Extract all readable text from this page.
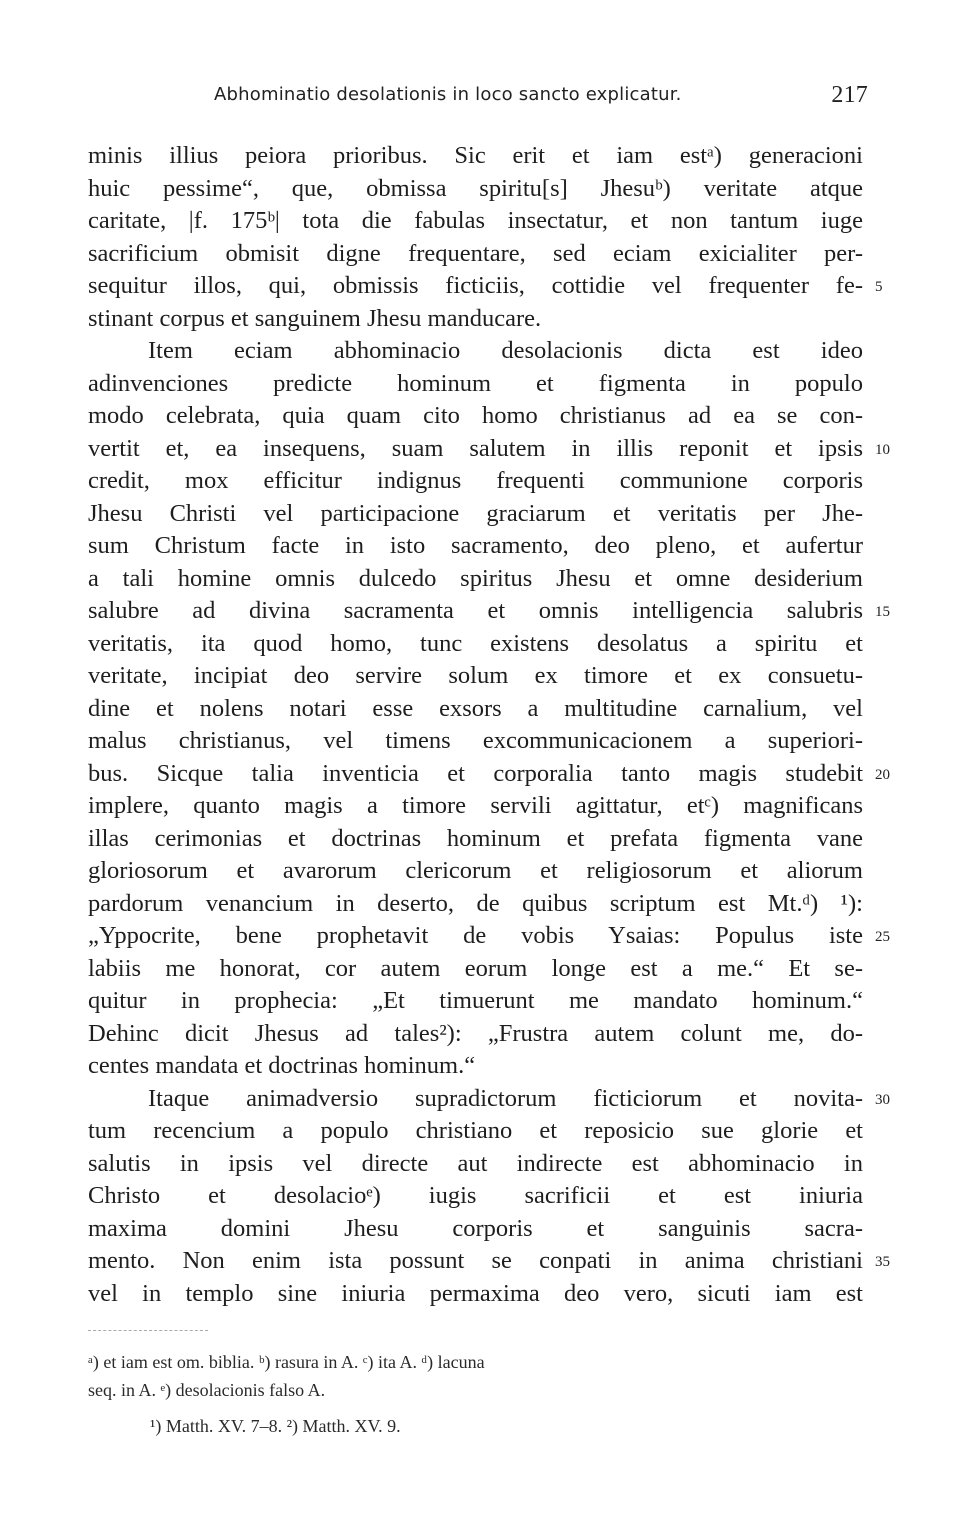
Abhominatio desolationis in loco sancto explicatur.	217
minis illius peiora prioribus. Sic erit et iam estᵃ) generacioni
huic pessime“, que, obmissa spiritu[s] Jhesuᵇ) veritate atque
caritate, |f. 175ᵇ| tota die fabulas insectatur, et non tantum iuge
sacrificium obmisit digne frequentare, sed eciam exicialiter per-
sequitur illos, qui, obmissis ficticiis, cottidie vel frequenter fe-
stinant corpus et sanguinem Jhesu manducare.
Item eciam abhominacio desolacionis dicta est ideo
adinvenciones predicte hominum et figmenta in populo
modo celebrata, quia quam cito homo christianus ad ea se con-
vertit et, ea insequens, suam salutem in illis reponit et ipsis
credit, mox efficitur indignus frequenti communione corporis
Jhesu Christi vel participacione graciarum et veritatis per Jhe-
sum Christum facte in isto sacramento, deo pleno, et aufertur
a tali homine omnis dulcedo spiritus Jhesu et omne desiderium
salubre ad divina sacramenta et omnis intelligencia salubris
veritatis, ita quod homo, tunc existens desolatus a spiritu et
veritate, incipiat deo servire solum ex timore et ex consuetu-
dine et nolens notari esse exsors a multitudine carnalium, vel
malus christianus, vel timens excommunicacionem a superiori-
bus. Sicque talia inventicia et corporalia tanto magis studebit
implere, quanto magis a timore servili agittatur, etᶜ) magnificans
illas cerimonias et doctrinas hominum et prefata figmenta vane
gloriosorum et avarorum clericorum et religiosorum et aliorum
pardorum venancium in deserto, de quibus scriptum est Mt.ᵈ) ¹):
„Yppocrite, bene prophetavit de vobis Ysaias: Populus iste
labiis me honorat, cor autem eorum longe est a me.“ Et se-
quitur in prophecia: „Et timuerunt me mandato hominum.“
Dehinc dicit Jhesus ad tales²): „Frustra autem colunt me, do-
centes mandata et doctrinas hominum.“
Itaque animadversio supradictorum ficticiorum et novita-
tum recencium a populo christiano et reposicio sue glorie et
salutis in ipsis vel directe aut indirecte est abhominacio in
Christo et desolacioᵉ) iugis sacrificii et est iniuria
maxima domini Jhesu corporis et sanguinis sacra-
mento. Non enim ista possunt se conpati in anima christiani
vel in templo sine iniuria permaxima deo vero, sicuti iam est
5
10
15
20
25
30
35
ᵃ) et iam est om. biblia. ᵇ) rasura in A. ᶜ) ita A. ᵈ) lacuna
seq. in A. ᵉ) desolacionis falso A.
¹) Matth. XV. 7–8. ²) Matth. XV. 9.
